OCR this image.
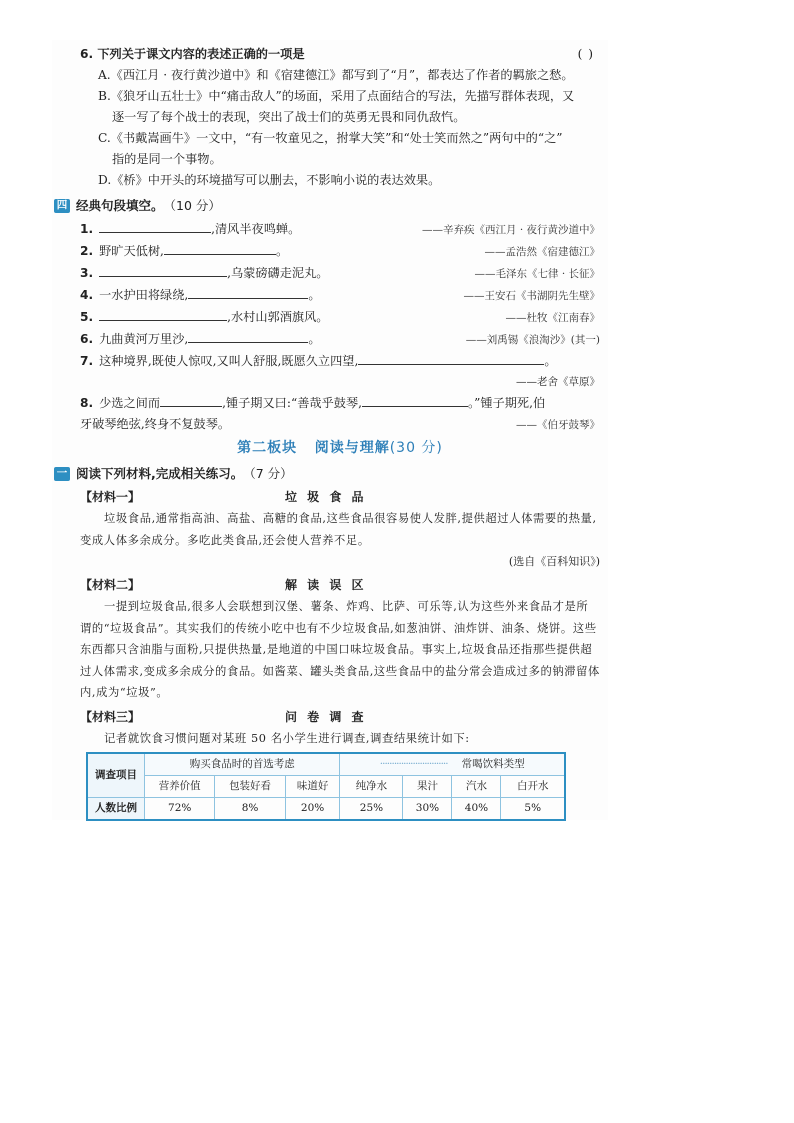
6. 下列关于课文内容的表述正确的一项是	( )
A.《西江月 · 夜行黄沙道中》和《宿建德江》都写到了“月”，都表达了作者的羁旅之愁。
B.《狼牙山五壮士》中“痛击敌人”的场面，采用了点面结合的写法，先描写群体表现，又
逐一写了每个战士的表现，突出了战士们的英勇无畏和同仇敌忾。
C.《书戴嵩画牛》一文中，“有一牧童见之，拊掌大笑”和“处士笑而然之”两句中的“之”
指的是同一个事物。
D.《桥》中开头的环境描写可以删去，不影响小说的表达效果。
四 经典句段填空。 （10 分）
1.	,清风半夜鸣蝉。	——辛弃疾《西江月 · 夜行黄沙道中》
2. 野旷天低树,	。	——孟浩然《宿建德江》
3.	,乌蒙磅礴走泥丸。	——毛泽东《七律 · 长征》
4. 一水护田将绿绕,	。	——王安石《书湖阴先生壁》
5.	,水村山郭酒旗风。	——杜牧《江南春》
6. 九曲黄河万里沙,	。	——刘禹锡《浪淘沙》(其一)
7. 这种境界,既使人惊叹,又叫人舒服,既愿久立四望,	。
——老舍《草原》
8. 少选之间而	,锺子期又曰:“善哉乎鼓琴,	。”锺子期死,伯
牙破琴绝弦,终身不复鼓琴。	——《伯牙鼓琴》
第二板块 阅读与理解(30 分)
一 阅读下列材料,完成相关练习。 （7 分）
【材料一】	垃 圾 食 品
垃圾食品,通常指高油、高盐、高糖的食品,这些食品很容易使人发胖,提供超过人体需要的热量,变成人体多余成分。多吃此类食品,还会使人营养不足。
(选自《百科知识》)
【材料二】	解 读 误 区
一提到垃圾食品,很多人会联想到汉堡、薯条、炸鸡、比萨、可乐等,认为这些外来食品才是所谓的“垃圾食品”。其实我们的传统小吃中也有不少垃圾食品,如葱油饼、油炸饼、油条、烧饼。这些东西都只含油脂与面粉,只提供热量,是地道的中国口味垃圾食品。事实上,垃圾食品还指那些提供超过人体需求,变成多余成分的食品。如酱菜、罐头类食品,这些食品中的盐分常会造成过多的钠滞留体内,成为“垃圾”。
【材料三】	问 卷 调 查
记者就饮食习惯问题对某班 50 名小学生进行调查,调查结果统计如下:
调查项目	购买食品时的首选考虑			····························· 常喝饮料类型			
	营养价值	包装好看	味道好	纯净水	果汁	汽水	白开水
人数比例	72%	8%	20%	25%	30%	40%	5%
